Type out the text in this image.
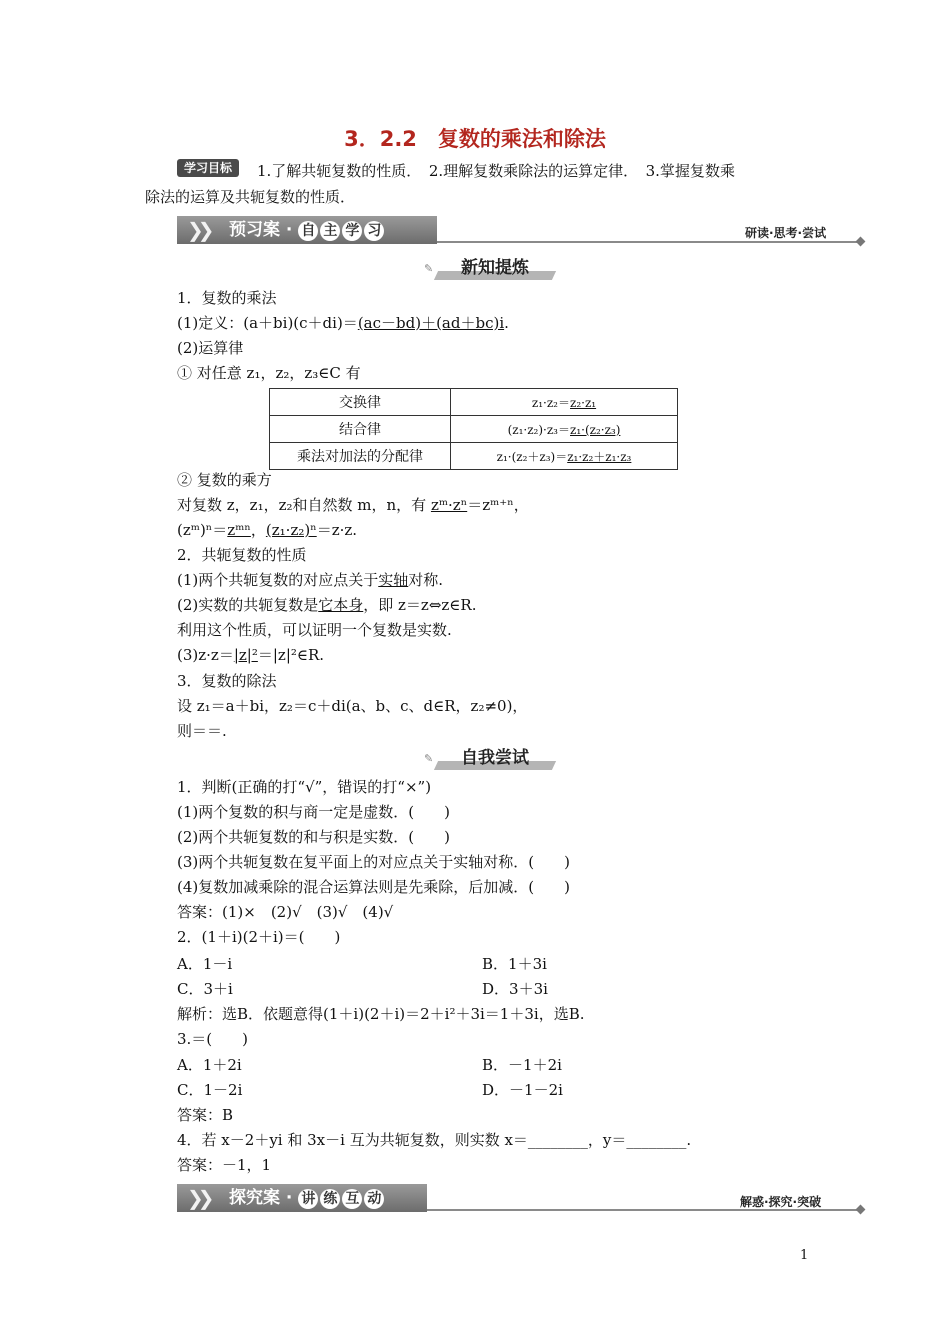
3．2.2　复数的乘法和除法
学习目标	1.了解共轭复数的性质．　2.理解复数乘除法的运算定律．　3.掌握复数乘
除法的运算及共轭复数的性质．
❯❯ 预习案 · 自 主 学 习	研读·思考·尝试
✎ 新知提炼
1．复数的乘法
(1)定义：(a＋bi)(c＋di)＝(ac－bd)＋(ad＋bc)i.
(2)运算律
① 对任意 z₁，z₂，z₃∈C 有
交换律	z₁·z₂＝z₂·z₁
结合律	(z₁·z₂)·z₃＝z₁·(z₂·z₃)
乘法对加法的分配律	z₁·(z₂＋z₃)＝z₁·z₂＋z₁·z₃
② 复数的乘方
对复数 z，z₁，z₂和自然数 m，n，有 zᵐ·zⁿ＝zᵐ⁺ⁿ，
(zᵐ)ⁿ＝zᵐⁿ，(z₁·z₂)ⁿ＝z·z.
2．共轭复数的性质
(1)两个共轭复数的对应点关于实轴对称.
(2)实数的共轭复数是它本身，即 z＝z⇔z∈R.
利用这个性质，可以证明一个复数是实数.
(3)z·z＝|z|²＝|z|²∈R.
3．复数的除法
设 z₁＝a＋bi，z₂＝c＋di(a、b、c、d∈R，z₂≠0)，
则＝＝.
✎ 自我尝试
1．判断(正确的打“√”，错误的打“×”)
(1)两个复数的积与商一定是虚数．(　　)
(2)两个共轭复数的和与积是实数．(　　)
(3)两个共轭复数在复平面上的对应点关于实轴对称．(　　)
(4)复数加减乘除的混合运算法则是先乘除，后加减．(　　)
答案：(1)×　(2)√　(3)√　(4)√
2．(1＋i)(2＋i)＝(　　)
A．1－i	B．1＋3i
C．3＋i	D．3＋3i
解析：选B．依题意得(1＋i)(2＋i)＝2＋i²＋3i＝1＋3i，选B.
3.＝(　　)
A．1＋2i	B．－1＋2i
C．1－2i	D．－1－2i
答案：B
4．若 x－2＋yi 和 3x－i 互为共轭复数，则实数 x＝________，y＝________.
答案：－1，1
❯❯ 探究案 · 讲 练 互 动	解惑·探究·突破
1
